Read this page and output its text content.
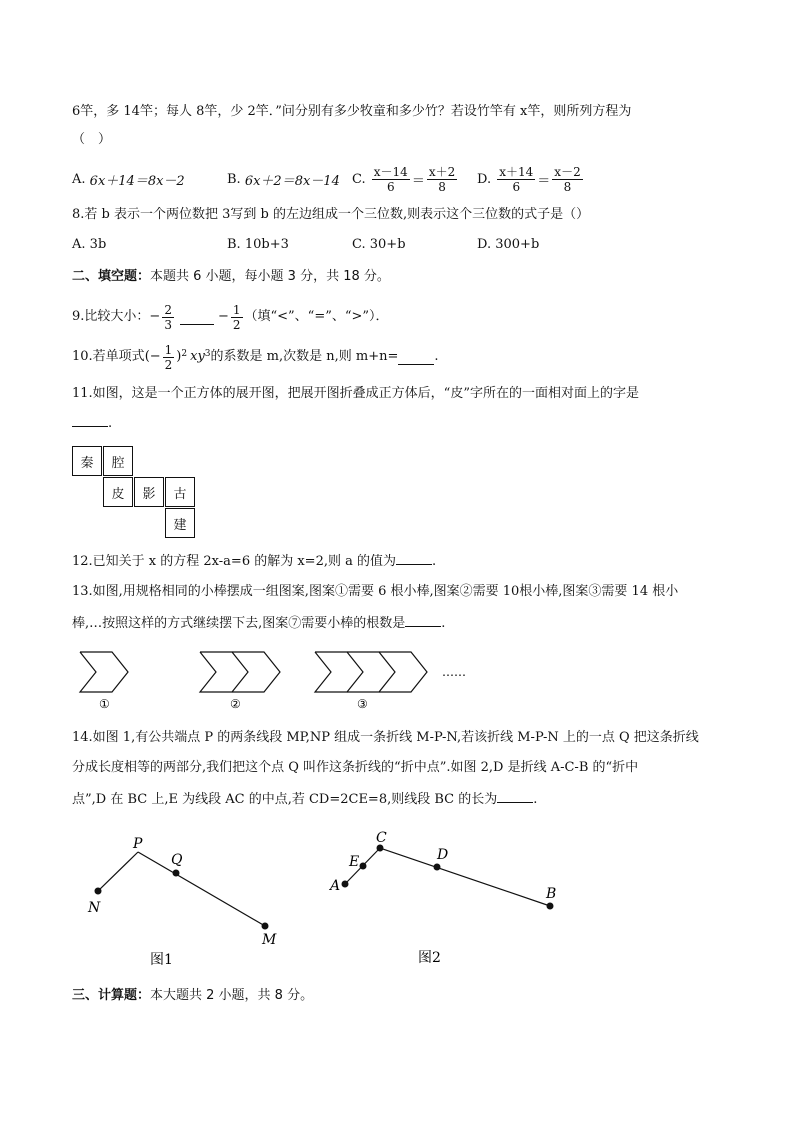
6竿，多 14竿；每人 8竿，少 2竿．”问分别有多少牧童和多少竹？若设竹竿有 x竿，则所列方程为
（　）
A.
6x＋14＝8x－2	B.
6x＋2＝8x－14 C.
$\frac{x-14}{6} = \frac{x+2}{8} D$.
$\frac{x+14}{6} = \frac{x-2}{8}$
8.若 b 表示一个两位数把 3写到 b 的左边组成一个三位数,则表示这个三位数的式子是（）
A.
3b	B.
10b+3	C.
30+b	D.
300+b
二、填空题：本题共 6 小题，每小题 3 分，共 18 分。
9.比较大小： − $\frac{2}{3}$	− $\frac{1}{2}$ （填“<”、“=”、“>”）．
10.若单项式 (− $\frac{1}{2} )^2$ $xy^3$ 的系数是 m,次数是 n,则 m+n=	.
11.如图，这是一个正方体的展开图，把展开图折叠成正方体后，“皮”字所在的一面相对面上的字是
.
秦	腔
皮	影	古
建
12.已知关于 x 的方程 2x-a=6 的解为 x=2,则 a 的值为	.
13.如图,用规格相同的小棒摆成一组图案,图案①需要 6 根小棒,图案②需要 10根小棒,图案③需要 14 根小
棒,…按照这样的方式继续摆下去,图案⑦需要小棒的根数是	.
①	②	③
……
14.如图 1,有公共端点 P 的两条线段 MP,NP 组成一条折线 M-P-N,若该折线 M-P-N 上的一点 Q 把这条折线
分成长度相等的两部分,我们把这个点 Q 叫作这条折线的“折中点”.如图 2,D 是折线 A-C-B 的“折中
点”,D 在 BC 上,E 为线段 AC 的中点,若 CD=2CE=8,则线段 BC 的长为	.
P
Q
N
M
图1
C
E
A
D
B
图2
三、计算题：本大题共 2 小题，共 8 分。
